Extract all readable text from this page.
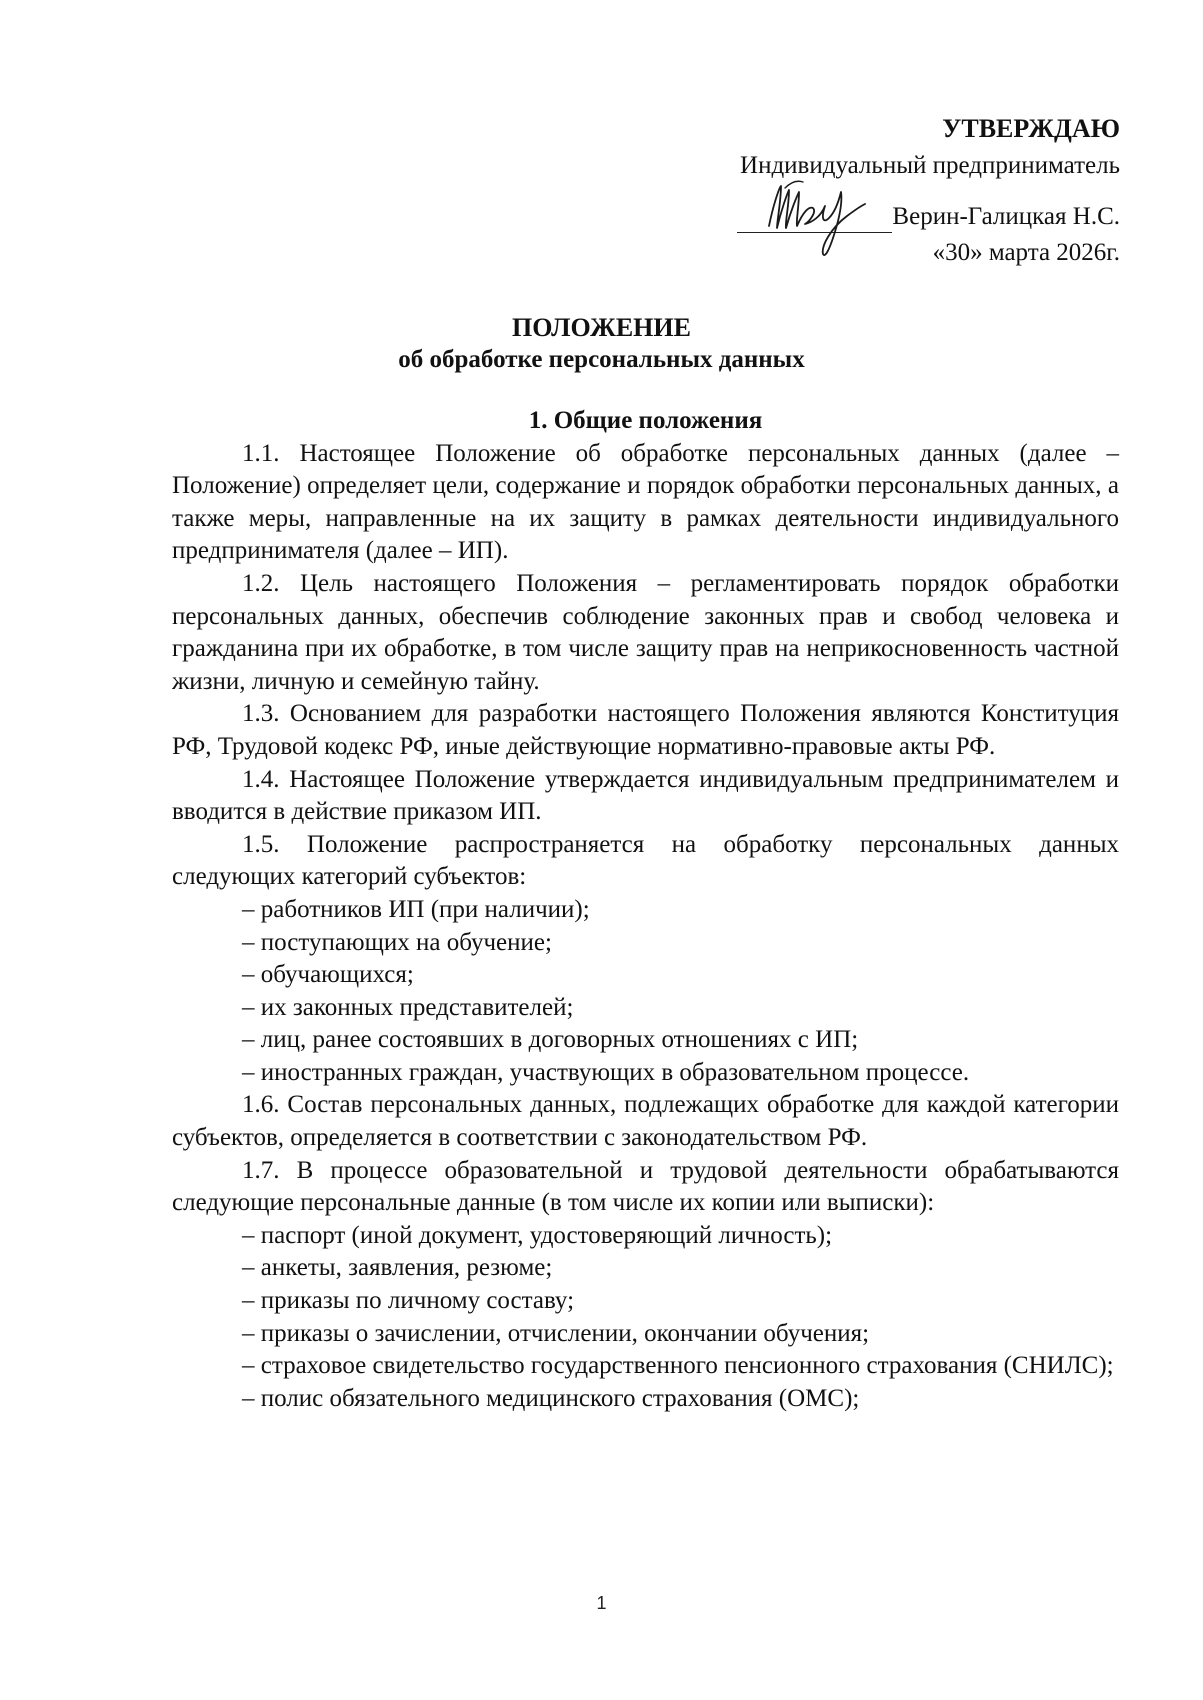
УТВЕРЖДАЮ
Индивидуальный предприниматель
Верин-Галицкая Н.С.
«30» марта 2026г.
ПОЛОЖЕНИЕ
об обработке персональных данных

1. Общие положения

1.1. Настоящее Положение об обработке персональных данных (далее – Положение) определяет цели, содержание и порядок обработки персональных данных, а также меры, направленные на их защиту в рамках деятельности индивидуального предпринимателя (далее – ИП).

1.2. Цель настоящего Положения – регламентировать порядок обработки персональных данных, обеспечив соблюдение законных прав и свобод человека и гражданина при их обработке, в том числе защиту прав на неприкосновенность частной жизни, личную и семейную тайну.

1.3. Основанием для разработки настоящего Положения являются Конституция РФ, Трудовой кодекс РФ, иные действующие нормативно-правовые акты РФ.

1.4. Настоящее Положение утверждается индивидуальным предпринимателем и вводится в действие приказом ИП.

1.5. Положение распространяется на обработку персональных данных следующих категорий субъектов:

– работников ИП (при наличии);

– поступающих на обучение;

– обучающихся;

– их законных представителей;

– лиц, ранее состоявших в договорных отношениях с ИП;

– иностранных граждан, участвующих в образовательном процессе.

1.6. Состав персональных данных, подлежащих обработке для каждой категории субъектов, определяется в соответствии с законодательством РФ.

1.7. В процессе образовательной и трудовой деятельности обрабатываются следующие персональные данные (в том числе их копии или выписки):

– паспорт (иной документ, удостоверяющий личность);

– анкеты, заявления, резюме;

– приказы по личному составу;

– приказы о зачислении, отчислении, окончании обучения;

– страховое свидетельство государственного пенсионного страхования (СНИЛС);

– полис обязательного медицинского страхования (ОМС);

1
